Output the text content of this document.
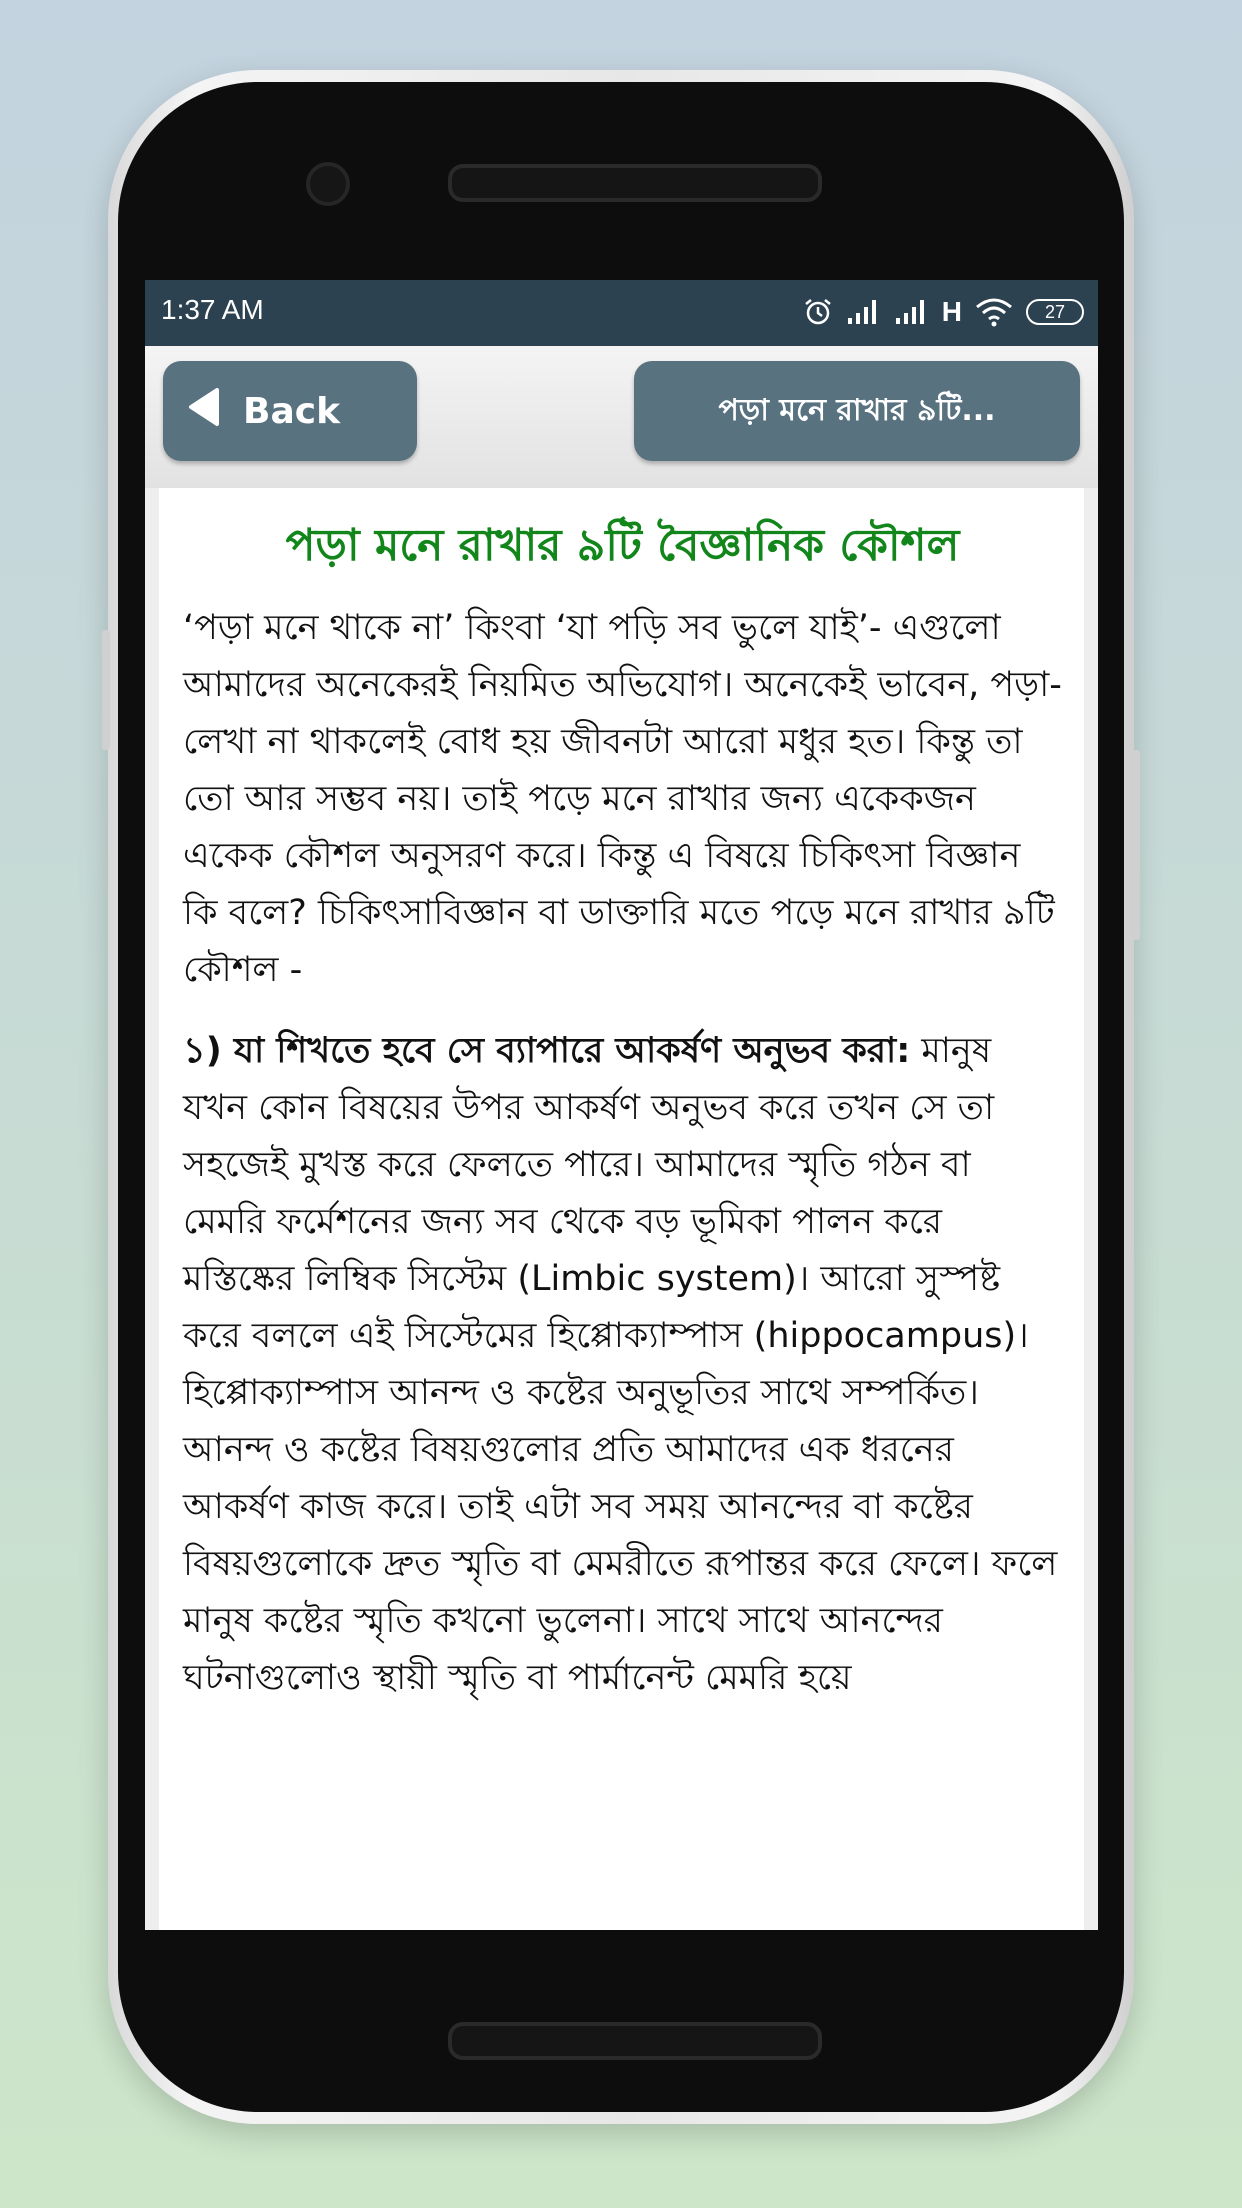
1:37 AM	H	27
Back	পড়া মনে রাখার ৯টি...
পড়া মনে রাখার ৯টি বৈজ্ঞানিক কৌশল

‘পড়া মনে থাকে না’ কিংবা ‘যা পড়ি সব ভুলে যাই’- এগুলো আমাদের অনেকেরই নিয়মিত অভিযোগ। অনেকেই ভাবেন, পড়া-লেখা না থাকলেই বোধ হয় জীবনটা আরো মধুর হত। কিন্তু তা তো আর সম্ভব নয়। তাই পড়ে মনে রাখার জন্য একেকজন একেক কৌশল অনুসরণ করে। কিন্তু এ বিষয়ে চিকিৎসা বিজ্ঞান কি বলে? চিকিৎসাবিজ্ঞান বা ডাক্তারি মতে পড়ে মনে রাখার ৯টি কৌশল -

১) যা শিখতে হবে সে ব্যাপারে আকর্ষণ অনুভব করা: মানুষ যখন কোন বিষয়ের উপর আকর্ষণ অনুভব করে তখন সে তা সহজেই মুখস্ত করে ফেলতে পারে। আমাদের স্মৃতি গঠন বা মেমরি ফর্মেশনের জন্য সব থেকে বড় ভূমিকা পালন করে মস্তিষ্কের লিম্বিক সিস্টেম (Limbic system)। আরো সুস্পষ্ট করে বললে এই সিস্টেমের হিপ্পোক্যাম্পাস (hippocampus)। হিপ্পোক্যাম্পাস আনন্দ ও কষ্টের অনুভূতির সাথে সম্পর্কিত। আনন্দ ও কষ্টের বিষয়গুলোর প্রতি আমাদের এক ধরনের আকর্ষণ কাজ করে। তাই এটা সব সময় আনন্দের বা কষ্টের বিষয়গুলোকে দ্রুত স্মৃতি বা মেমরীতে রূপান্তর করে ফেলে। ফলে মানুষ কষ্টের স্মৃতি কখনো ভুলেনা। সাথে সাথে আনন্দের ঘটনাগুলোও স্থায়ী স্মৃতি বা পার্মানেন্ট মেমরি হয়ে
